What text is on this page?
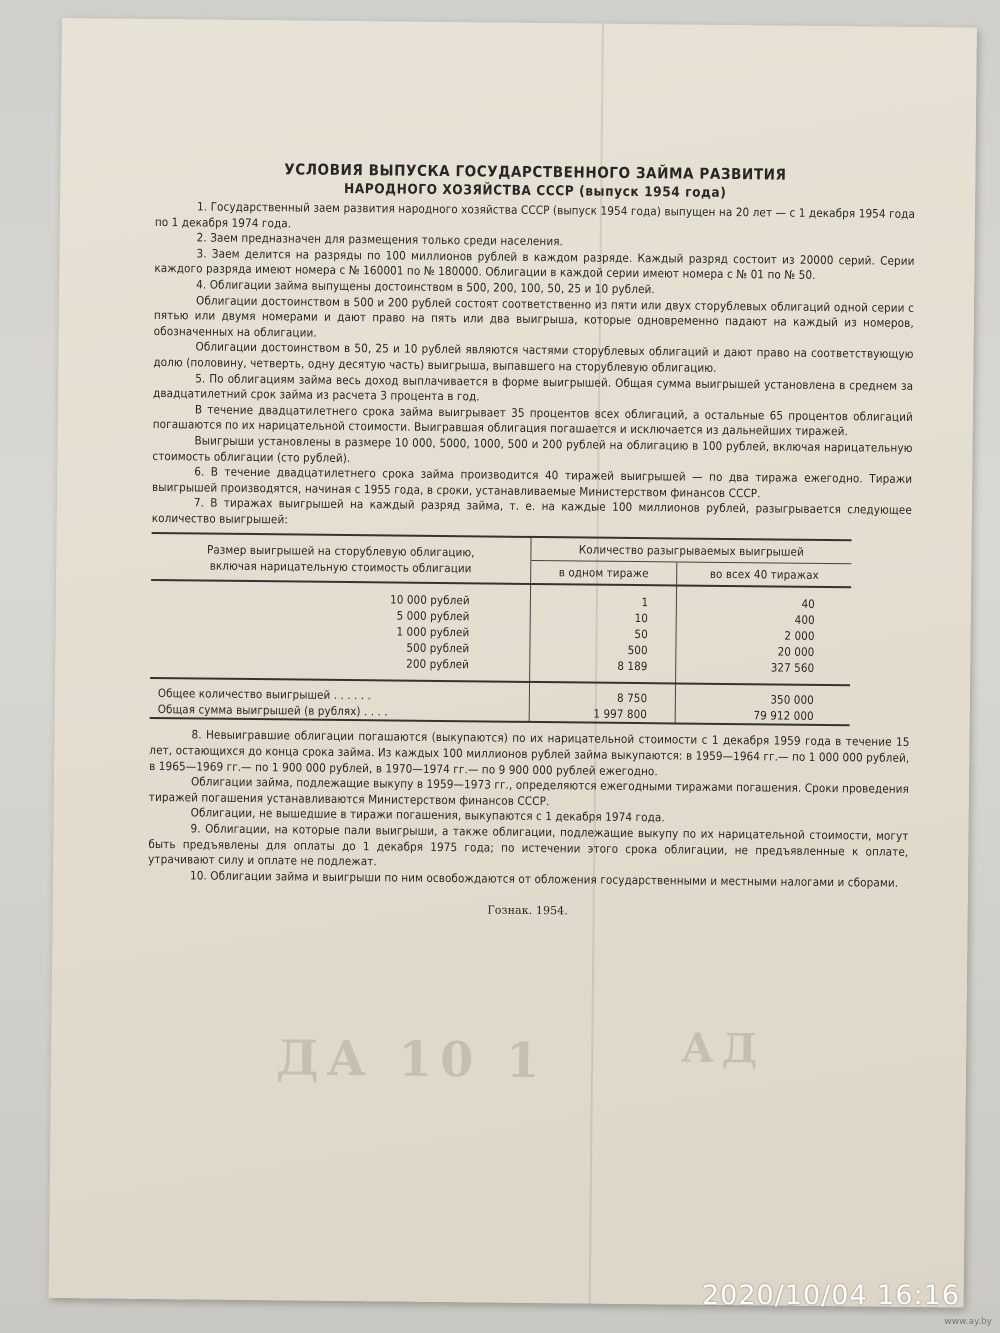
ДА 10 1	АД
УСЛОВИЯ ВЫПУСКА ГОСУДАРСТВЕННОГО ЗАЙМА РАЗВИТИЯ
НАРОДНОГО ХОЗЯЙСТВА СССР (выпуск 1954 года)

1. Государственный заем развития народного хозяйства СССР (выпуск 1954 года) выпущен на 20 лет — с 1 декабря 1954 года по 1 декабря 1974 года.

2. Заем предназначен для размещения только среди населения.

3. Заем делится на разряды по 100 миллионов рублей в каждом разряде. Каждый разряд состоит из 20000 серий. Серии каждого разряда имеют номера с № 160001 по № 180000. Облигации в каждой серии имеют номера с № 01 по № 50.

4. Облигации займа выпущены достоинством в 500, 200, 100, 50, 25 и 10 рублей.

Облигации достоинством в 500 и 200 рублей состоят соответственно из пяти или двух сторублевых облигаций одной серии с пятью или двумя номерами и дают право на пять или два выигрыша, которые одновременно падают на каждый из номеров, обозначенных на облигации.

Облигации достоинством в 50, 25 и 10 рублей являются частями сторублевых облигаций и дают право на соответствующую долю (половину, четверть, одну десятую часть) выигрыша, выпавшего на сторублевую облигацию.

5. По облигациям займа весь доход выплачивается в форме выигрышей. Общая сумма выигрышей установлена в среднем за двадцатилетний срок займа из расчета 3 процента в год.

В течение двадцатилетнего срока займа выигрывает 35 процентов всех облигаций, а остальные 65 процентов облигаций погашаются по их нарицательной стоимости. Выигравшая облигация погашается и исключается из дальнейших тиражей.

Выигрыши установлены в размере 10 000, 5000, 1000, 500 и 200 рублей на облигацию в 100 рублей, включая нарицательную стоимость облигации (сто рублей).

6. В течение двадцатилетнего срока займа производится 40 тиражей выигрышей — по два тиража ежегодно. Тиражи выигрышей производятся, начиная с 1955 года, в сроки, устанавливаемые Министерством финансов СССР.

7. В тиражах выигрышей на каждый разряд займа, т. е. на каждые 100 миллионов рублей, разыгрывается следующее количество выигрышей:

Размер выигрышей на сторублевую облигацию,
включая нарицательную стоимость облигации	Количество разыгрываемых выигрышей	
	в одном тираже	во всех 40 тиражах

10 000 рублей	1	40
5 000 рублей	10	400
1 000 рублей	50	2 000
500 рублей	500	20 000
200 рублей	8 189	327 560

Общее количество выигрышей . . . . . .	8 750	350 000
Общая сумма выигрышей (в рублях) . . . .	1 997 800	79 912 000

8. Невыигравшие облигации погашаются (выкупаются) по их нарицательной стоимости с 1 декабря 1959 года в течение 15 лет, остающихся до конца срока займа. Из каждых 100 миллионов рублей займа выкупаются: в 1959—1964 гг.— по 1 000 000 рублей, в 1965—1969 гг.— по 1 900 000 рублей, в 1970—1974 гг.— по 9 900 000 рублей ежегодно.

Облигации займа, подлежащие выкупу в 1959—1973 гг., определяются ежегодными тиражами погашения. Сроки проведения тиражей погашения устанавливаются Министерством финансов СССР.

Облигации, не вышедшие в тиражи погашения, выкупаются с 1 декабря 1974 года.

9. Облигации, на которые пали выигрыши, а также облигации, подлежащие выкупу по их нарицательной стоимости, могут быть предъявлены для оплаты до 1 декабря 1975 года; по истечении этого срока облигации, не предъявленные к оплате, утрачивают силу и оплате не подлежат.

10. Облигации займа и выигрыши по ним освобождаются от обложения государственными и местными налогами и сборами.

Гознак. 1954.
2020/10/04 16:16
www.ay.by
